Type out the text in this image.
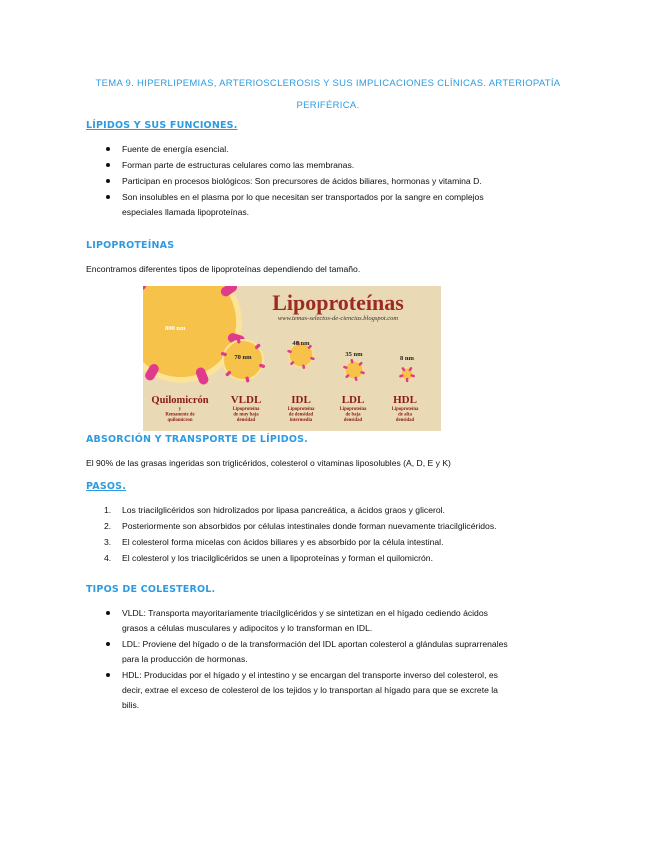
TEMA 9. HIPERLIPEMIAS, ARTERIOSCLEROSIS Y SUS IMPLICACIONES CLÍNICAS. ARTERIOPATÍA
PERIFÉRICA.
LÍPIDOS Y SUS FUNCIONES.
Fuente de energía esencial.
Forman parte de estructuras celulares como las membranas.
Participan en procesos biológicos: Son precursores de ácidos biliares, hormonas y vitamina D.
Son insolubles en el plasma por lo que necesitan ser transportados por la sangre en complejos especiales llamada lipoproteínas.
LIPOPROTEÍNAS
Encontramos diferentes tipos de lipoproteínas dependiendo del tamaño.
Lipoproteínas
www.temas-selectos-de-ciencias.blogspot.com
800 nm
Quilomicrón
y
Remanente de
quilomicron
70 nm
VLDL
Lipoproteína
de muy baja
densidad
40 nm
IDL
Lipoproteína
de densidad
intermedia
35 nm
LDL
Lipoproteína
de baja
densidad
8 nm
HDL
Lipoproteína
de alta
densidad
ABSORCIÓN Y TRANSPORTE DE LÍPIDOS.
El 90% de las grasas ingeridas son triglicéridos, colesterol o vitaminas liposolubles (A, D, E y K)
PASOS.
1. Los triacilglicéridos son hidrolizados por lipasa pancreática, a ácidos graos y glicerol.
2. Posteriormente son absorbidos por células intestinales donde forman nuevamente triacilglicéridos.
3. El colesterol forma micelas con ácidos biliares y es absorbido por la célula intestinal.
4. El colesterol y los triacilglicéridos se unen a lipoproteínas y forman el quilomicrón.
TIPOS DE COLESTEROL.
VLDL: Transporta mayoritariamente triacilglicéridos y se sintetizan en el hígado cediendo ácidos grasos a células musculares y adipocitos y lo transforman en IDL.
LDL: Proviene del hígado o de la transformación del IDL aportan colesterol a glándulas suprarrenales para la producción de hormonas.
HDL: Producidas por el hígado y el intestino y se encargan del transporte inverso del colesterol, es decir, extrae el exceso de colesterol de los tejidos y lo transportan al hígado para que se excrete la bilis.
